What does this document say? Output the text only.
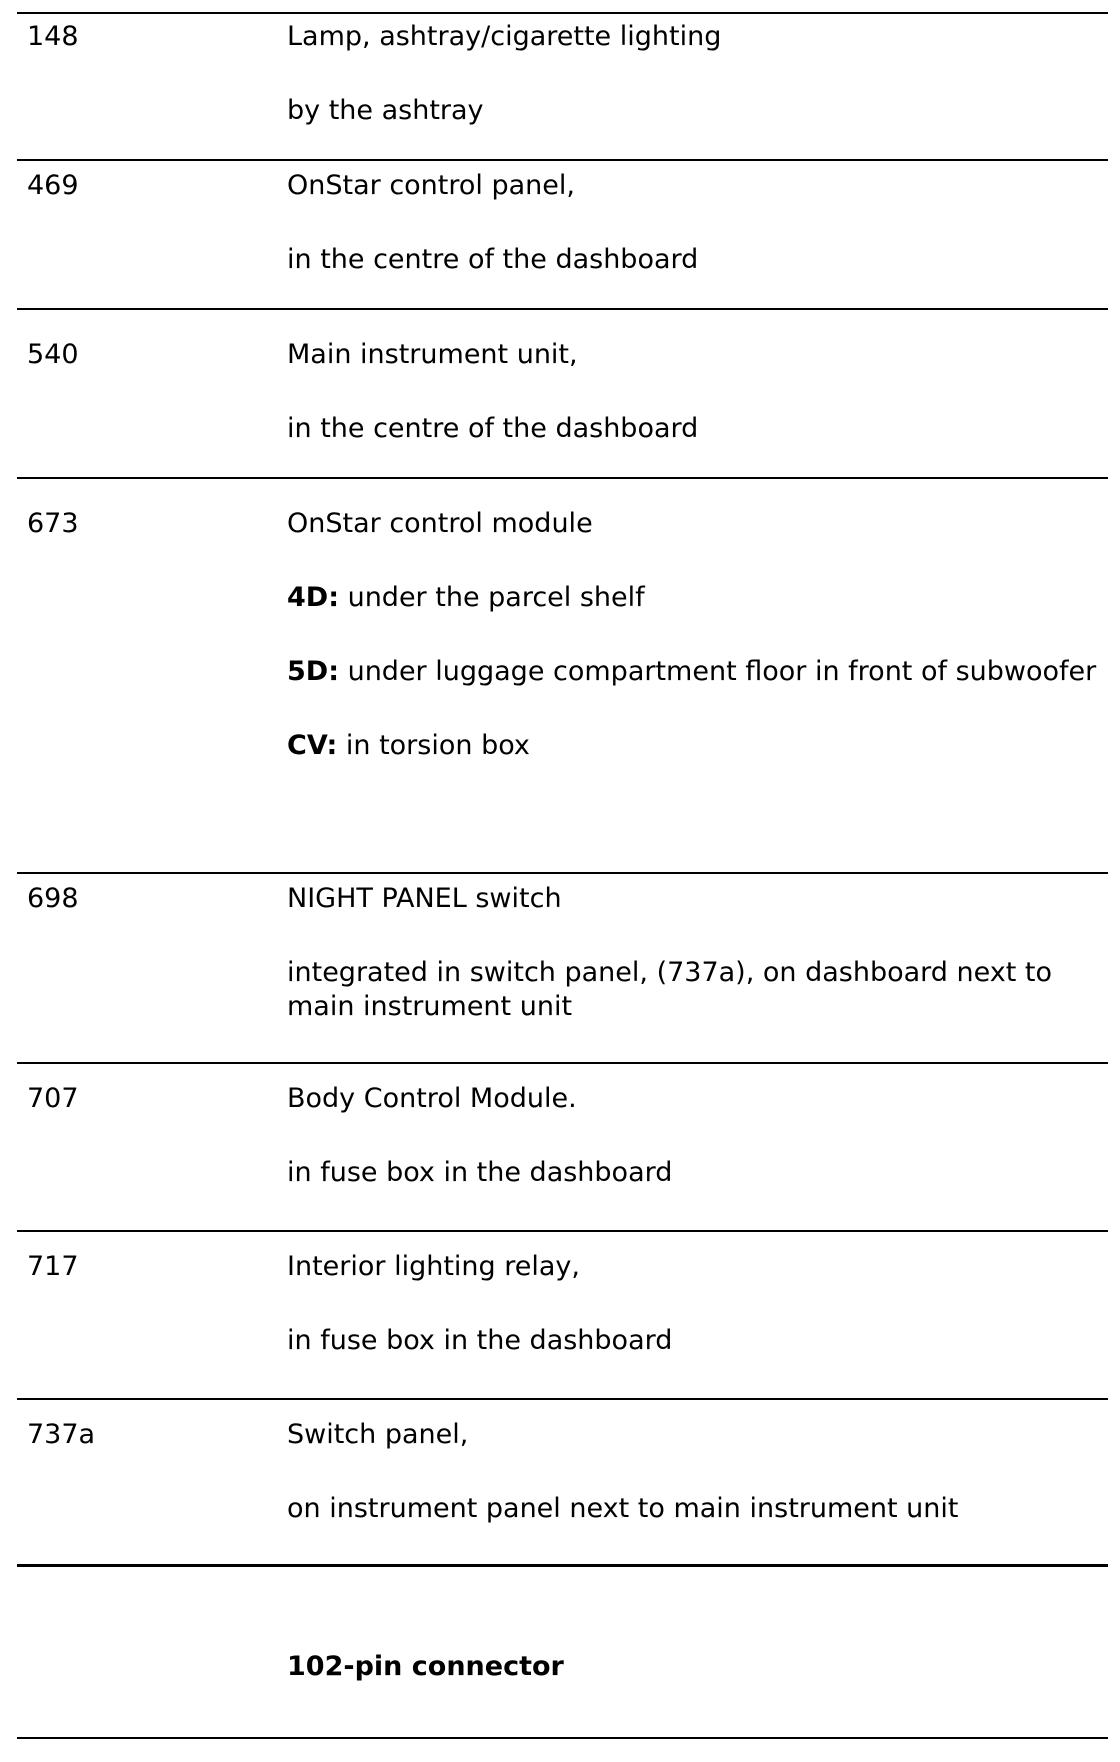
148	Lamp, ashtray/cigarette lighting

by the ashtray

469	OnStar control panel,

in the centre of the dashboard

540	Main instrument unit,

in the centre of the dashboard

673	OnStar control module

4D: under the parcel shelf

5D: under luggage compartment floor in front of subwoofer

CV: in torsion box

698	NIGHT PANEL switch

integrated in switch panel, (737a), on dashboard next to main instrument unit

707	Body Control Module.

in fuse box in the dashboard

717	Interior lighting relay,

in fuse box in the dashboard

737a	Switch panel,

on instrument panel next to main instrument unit

102-pin connector
